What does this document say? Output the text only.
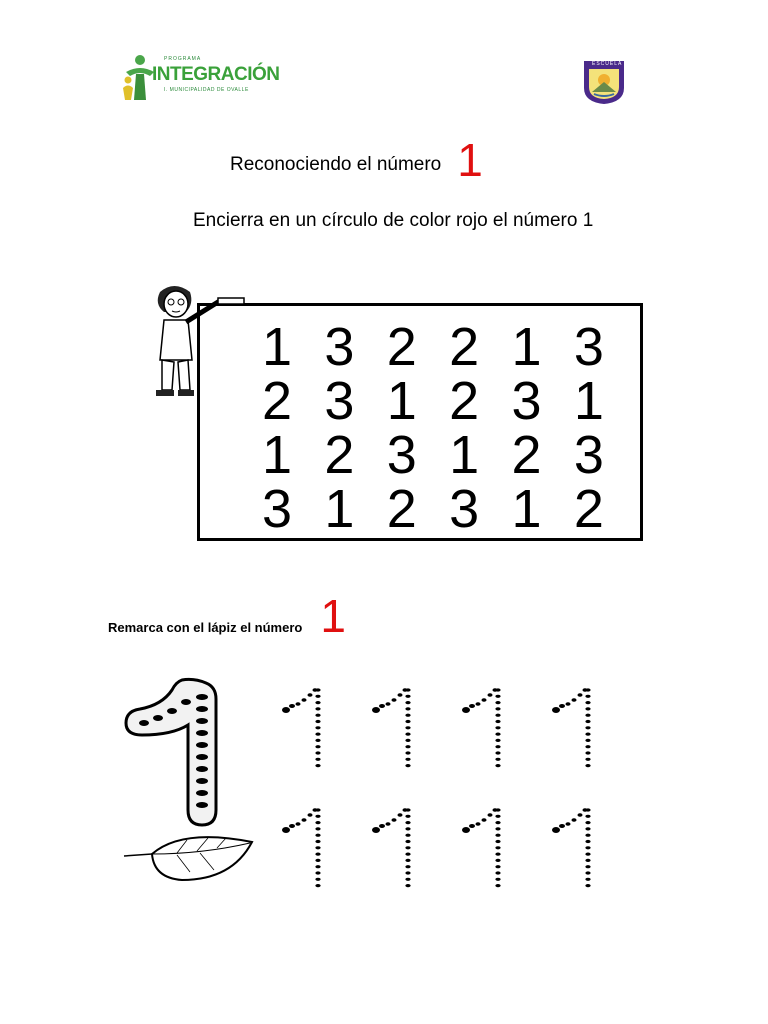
PROGRAMA
INTEGRACIÓN
I. MUNICIPALIDAD DE OVALLE
ESCUELA
Reconociendo el número 1
Encierra en un círculo de color rojo el número 1
1 3 2 2 1 3
2 3 1 2 3 1
1 2 3 1 2 3
3 1 2 3 1 2
Remarca con el lápiz el número 1
